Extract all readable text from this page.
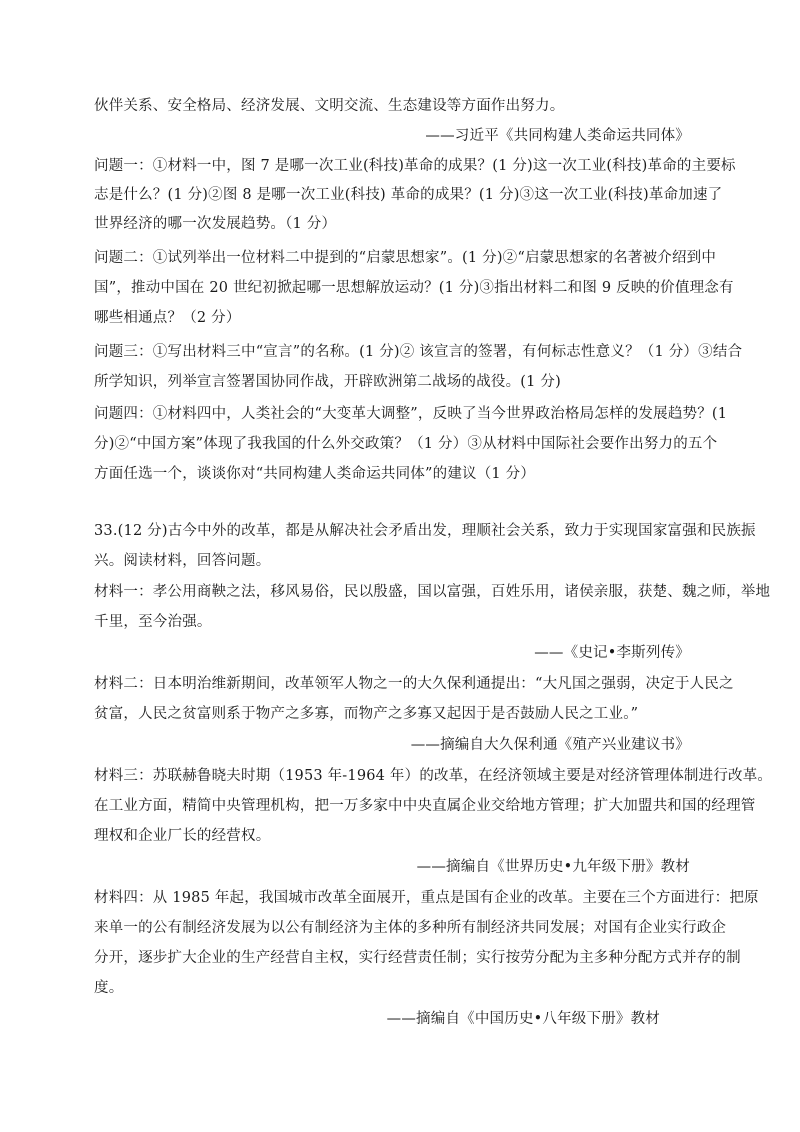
伙伴关系、安全格局、经济发展、文明交流、生态建设等方面作出努力。
——习近平《共同构建人类命运共同体》
问题一：①材料一中，图 7 是哪一次工业(科技)革命的成果？(1 分)这一次工业(科技)革命的主要标
志是什么？(1 分)②图 8 是哪一次工业(科技) 革命的成果？(1 分)③这一次工业(科技)革命加速了
世界经济的哪一次发展趋势。（1 分）
问题二：①试列举出一位材料二中提到的“启蒙思想家”。(1 分)②“启蒙思想家的名著被介绍到中
国”，推动中国在 20 世纪初掀起哪一思想解放运动？(1 分)③指出材料二和图 9 反映的价值理念有
哪些相通点？（2 分）
问题三：①写出材料三中“宣言”的名称。(1 分)② 该宣言的签署，有何标志性意义？（1 分）③结合
所学知识，列举宣言签署国协同作战，开辟欧洲第二战场的战役。(1 分)
问题四：①材料四中，人类社会的“大变革大调整”，反映了当今世界政治格局怎样的发展趋势？(1
分)②“中国方案”体现了我我国的什么外交政策？（1 分）③从材料中国际社会要作出努力的五个
方面任选一个，谈谈你对“共同构建人类命运共同体”的建议（1 分）
33.(12 分)古今中外的改革，都是从解决社会矛盾出发，理顺社会关系，致力于实现国家富强和民族振
兴。阅读材料，回答问题。
材料一：孝公用商鞅之法，移风易俗，民以殷盛，国以富强，百姓乐用，诸侯亲服，获楚、魏之师，举地
千里，至今治强。
——《史记•李斯列传》
材料二：日本明治维新期间，改革领军人物之一的大久保利通提出：“大凡国之强弱，决定于人民之
贫富，人民之贫富则系于物产之多寡，而物产之多寡又起因于是否鼓励人民之工业。”
——摘编自大久保利通《殖产兴业建议书》
材料三：苏联赫鲁晓夫时期（1953 年-1964 年）的改革，在经济领域主要是对经济管理体制进行改革。
在工业方面，精简中央管理机构，把一万多家中中央直属企业交给地方管理；扩大加盟共和国的经理管
理权和企业厂长的经营权。
——摘编自《世界历史•九年级下册》教材
材料四：从 1985 年起，我国城市改革全面展开，重点是国有企业的改革。主要在三个方面进行：把原
来单一的公有制经济发展为以公有制经济为主体的多种所有制经济共同发展；对国有企业实行政企
分开，逐步扩大企业的生产经营自主权，实行经营责任制；实行按劳分配为主多种分配方式并存的制
度。
——摘编自《中国历史•八年级下册》教材
